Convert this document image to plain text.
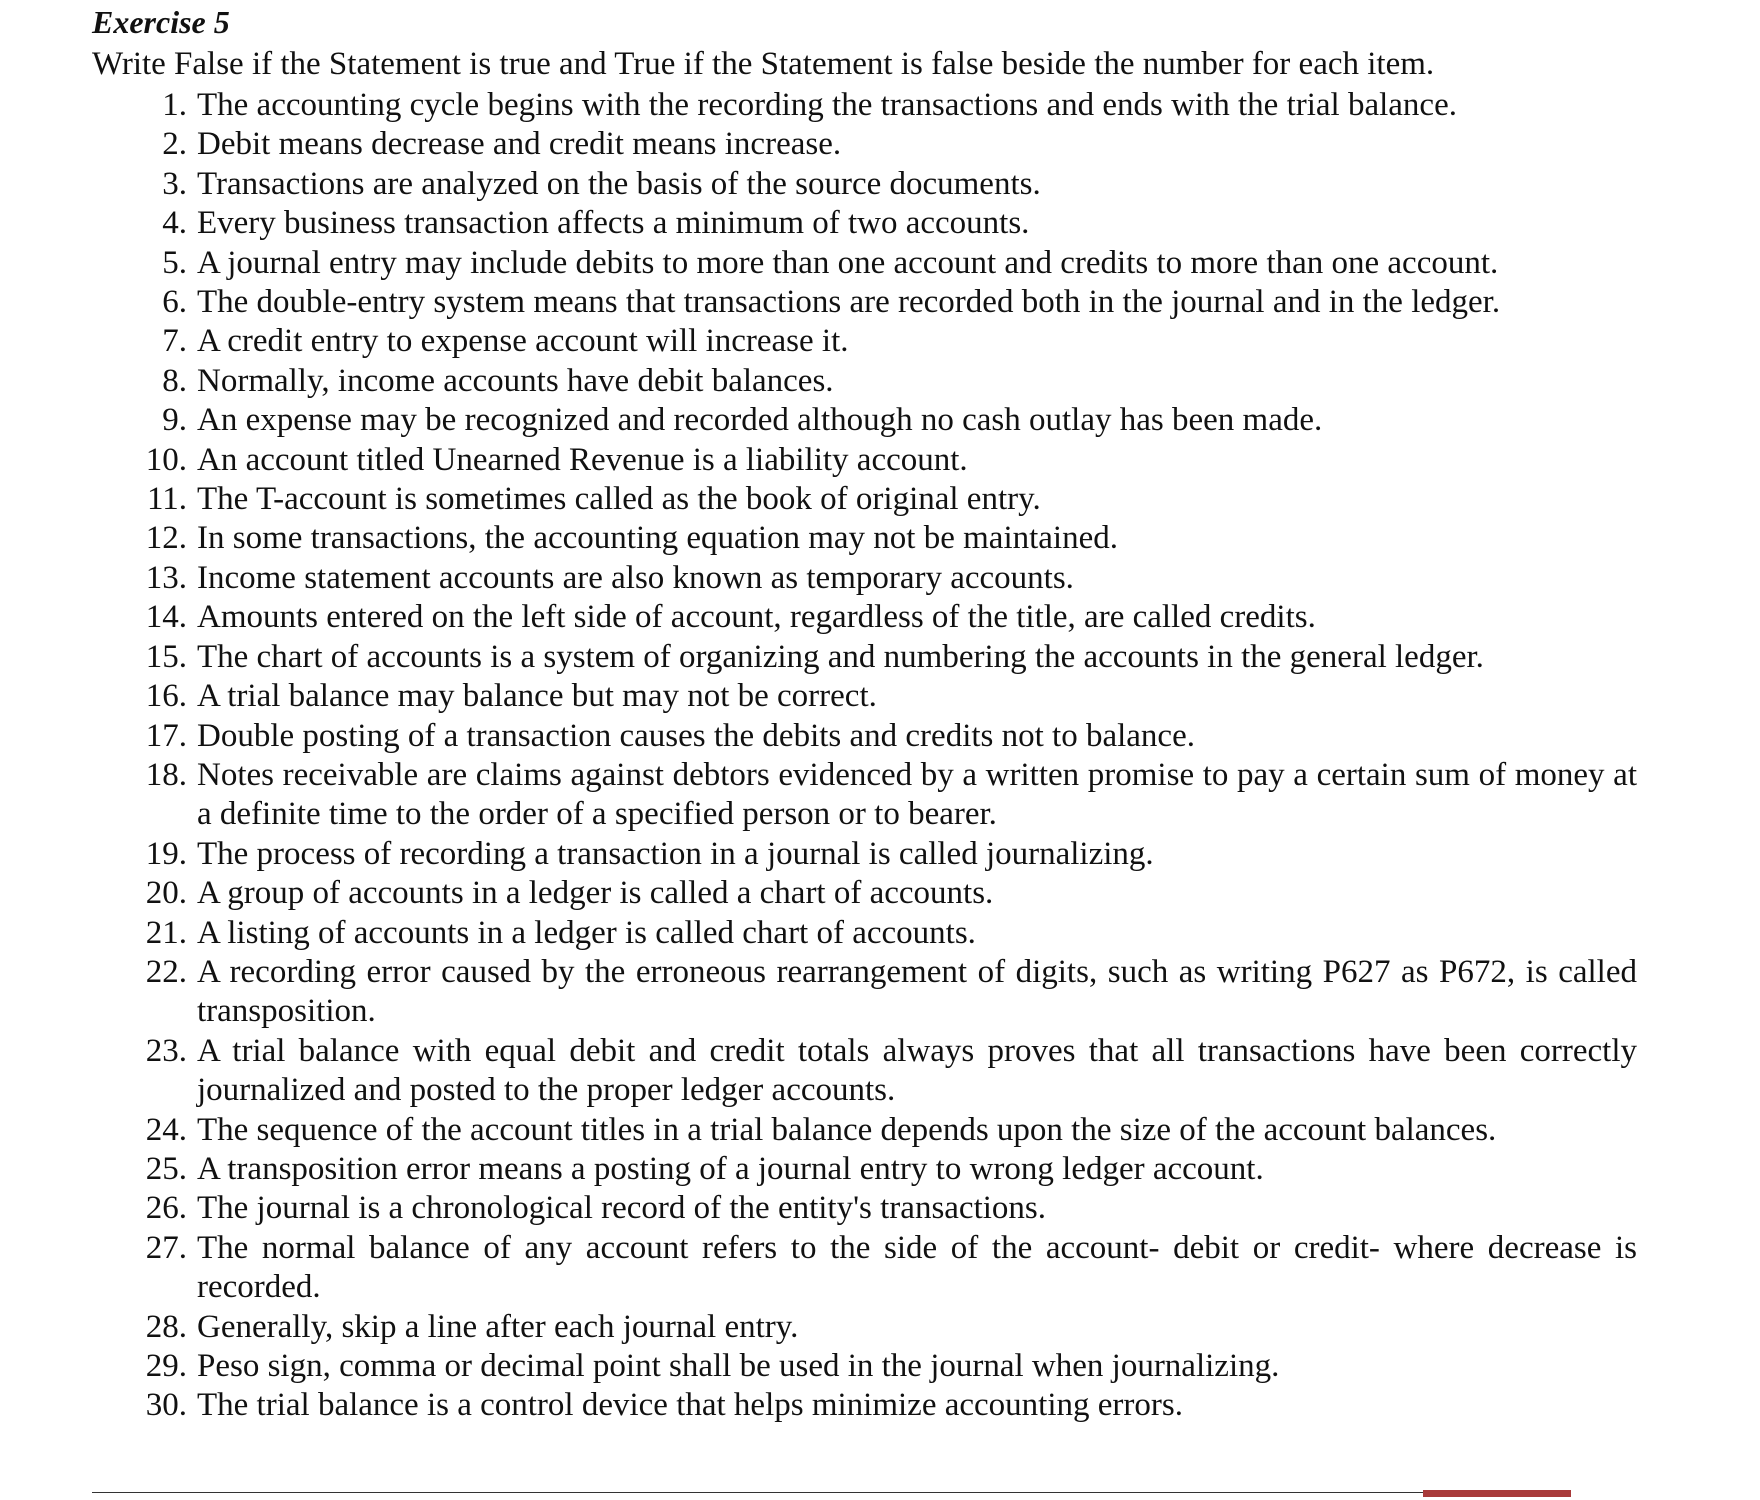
Exercise 5
Write False if the Statement is true and True if the Statement is false beside the number for each item.
1. The accounting cycle begins with the recording the transactions and ends with the trial balance.
2. Debit means decrease and credit means increase.
3. Transactions are analyzed on the basis of the source documents.
4. Every business transaction affects a minimum of two accounts.
5. A journal entry may include debits to more than one account and credits to more than one account.
6. The double-entry system means that transactions are recorded both in the journal and in the ledger.
7. A credit entry to expense account will increase it.
8. Normally, income accounts have debit balances.
9. An expense may be recognized and recorded although no cash outlay has been made.
10. An account titled Unearned Revenue is a liability account.
11. The T-account is sometimes called as the book of original entry.
12. In some transactions, the accounting equation may not be maintained.
13. Income statement accounts are also known as temporary accounts.
14. Amounts entered on the left side of account, regardless of the title, are called credits.
15. The chart of accounts is a system of organizing and numbering the accounts in the general ledger.
16. A trial balance may balance but may not be correct.
17. Double posting of a transaction causes the debits and credits not to balance.
18. Notes receivable are claims against debtors evidenced by a written promise to pay a certain sum of money at a definite time to the order of a specified person or to bearer.
19. The process of recording a transaction in a journal is called journalizing.
20. A group of accounts in a ledger is called a chart of accounts.
21. A listing of accounts in a ledger is called chart of accounts.
22. A recording error caused by the erroneous rearrangement of digits, such as writing P627 as P672, is called transposition.
23. A trial balance with equal debit and credit totals always proves that all transactions have been correctly journalized and posted to the proper ledger accounts.
24. The sequence of the account titles in a trial balance depends upon the size of the account balances.
25. A transposition error means a posting of a journal entry to wrong ledger account.
26. The journal is a chronological record of the entity's transactions.
27. The normal balance of any account refers to the side of the account- debit or credit- where decrease is recorded.
28. Generally, skip a line after each journal entry.
29. Peso sign, comma or decimal point shall be used in the journal when journalizing.
30. The trial balance is a control device that helps minimize accounting errors.
